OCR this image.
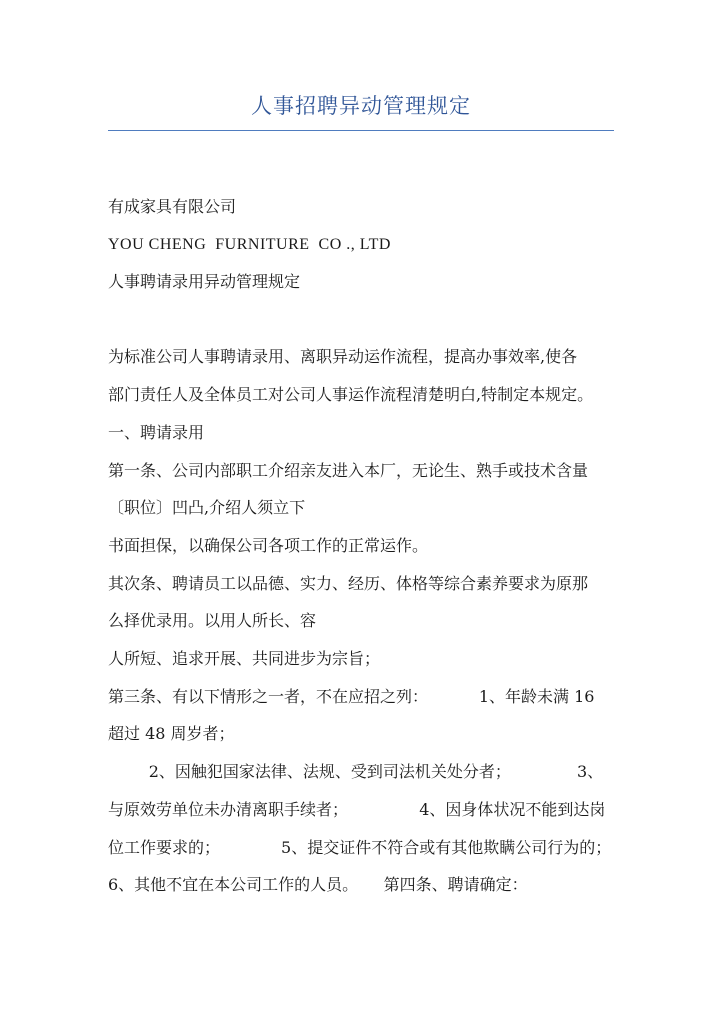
人事招聘异动管理规定
有成家具有限公司
YOU CHENG  FURNITURE  CO ., LTD
人事聘请录用异动管理规定
为标准公司人事聘请录用、离职异动运作流程，提高办事效率,使各
部门责任人及全体员工对公司人事运作流程清楚明白,特制定本规定。
一、聘请录用
第一条、公司内部职工介绍亲友进入本厂，无论生、熟手或技术含量
〔职位〕凹凸,介绍人须立下
书面担保，以确保公司各项工作的正常运作。
其次条、聘请员工以品德、实力、经历、体格等综合素养要求为原那
么择优录用。以用人所长、容
人所短、追求开展、共同进步为宗旨；
第三条、有以下情形之一者，不在应招之列：          1、年龄未满 16
超过 48 周岁者；
2、因触犯国家法律、法规、受到司法机关处分者；             3、
与原效劳单位未办清离职手续者；              4、因身体状况不能到达岗
位工作要求的；            5、提交证件不符合或有其他欺瞒公司行为的；
6、其他不宜在本公司工作的人员。     第四条、聘请确定：
